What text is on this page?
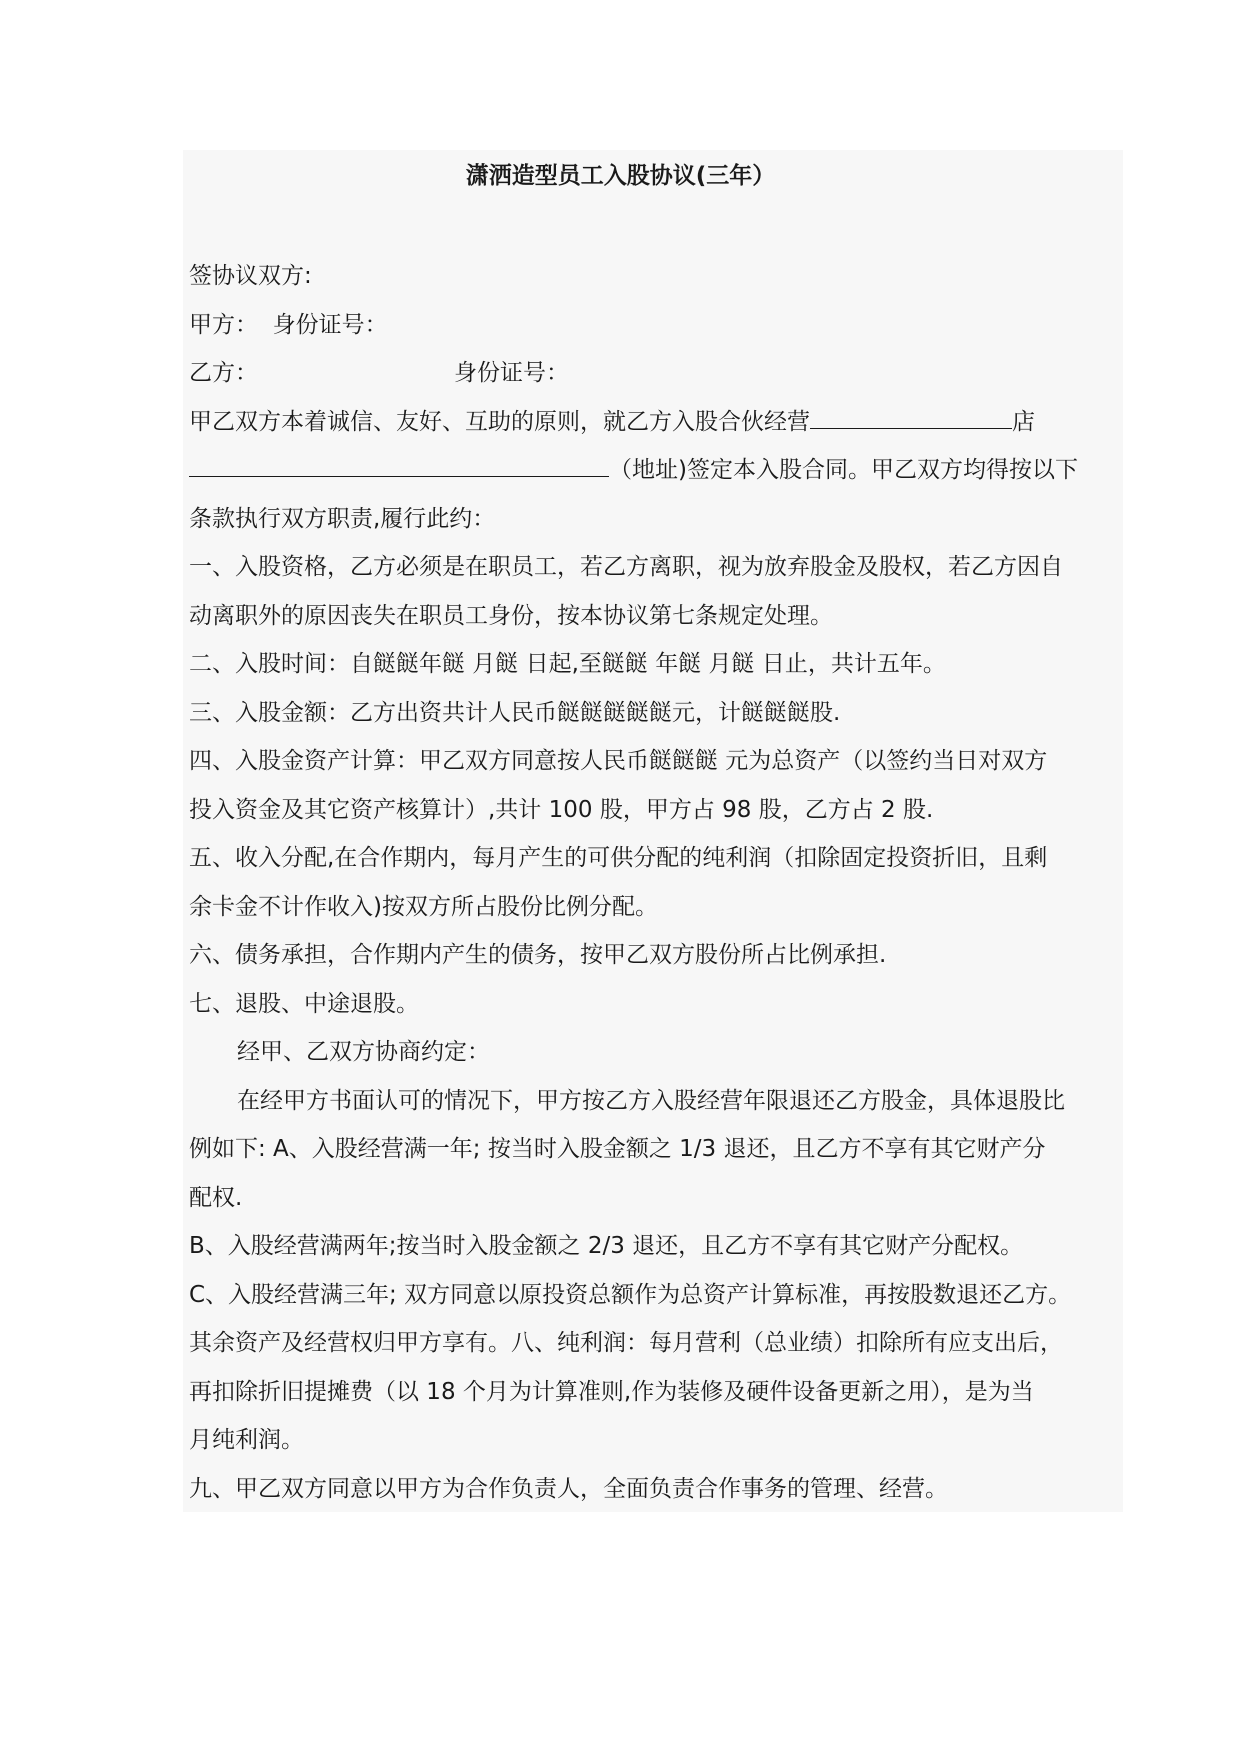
潇洒造型员工入股协议(三年）

签协议双方:

甲方： 身份证号：

乙方：	身份证号：

甲乙双方本着诚信、友好、互助的原则，就乙方入股合伙经营	店

（地址)签定本入股合同。甲乙双方均得按以下

条款执行双方职责,履行此约：

一、入股资格，乙方必须是在职员工，若乙方离职，视为放弃股金及股权，若乙方因自

动离职外的原因丧失在职员工身份，按本协议第七条规定处理。

二、入股时间：自餸餸年餸 月餸 日起,至餸餸 年餸 月餸 日止，共计五年。

三、入股金额：乙方出资共计人民币餸餸餸餸餸元，计餸餸餸股.

四、入股金资产计算：甲乙双方同意按人民币餸餸餸 元为总资产（以签约当日对双方

投入资金及其它资产核算计）,共计 100 股，甲方占 98 股，乙方占 2 股.

五、收入分配,在合作期内，每月产生的可供分配的纯利润（扣除固定投资折旧，且剩

余卡金不计作收入)按双方所占股份比例分配。

六、债务承担，合作期内产生的债务，按甲乙双方股份所占比例承担.

七、退股、中途退股。

经甲、乙双方协商约定：

在经甲方书面认可的情况下，甲方按乙方入股经营年限退还乙方股金，具体退股比

例如下: A、入股经营满一年; 按当时入股金额之 1/3 退还，且乙方不享有其它财产分

配权.

B、入股经营满两年;按当时入股金额之 2/3 退还，且乙方不享有其它财产分配权。

C、入股经营满三年; 双方同意以原投资总额作为总资产计算标准，再按股数退还乙方。

其余资产及经营权归甲方享有。八、纯利润：每月营利（总业绩）扣除所有应支出后，

再扣除折旧提摊费（以 18 个月为计算准则,作为装修及硬件设备更新之用），是为当

月纯利润。

九、甲乙双方同意以甲方为合作负责人，全面负责合作事务的管理、经营。
